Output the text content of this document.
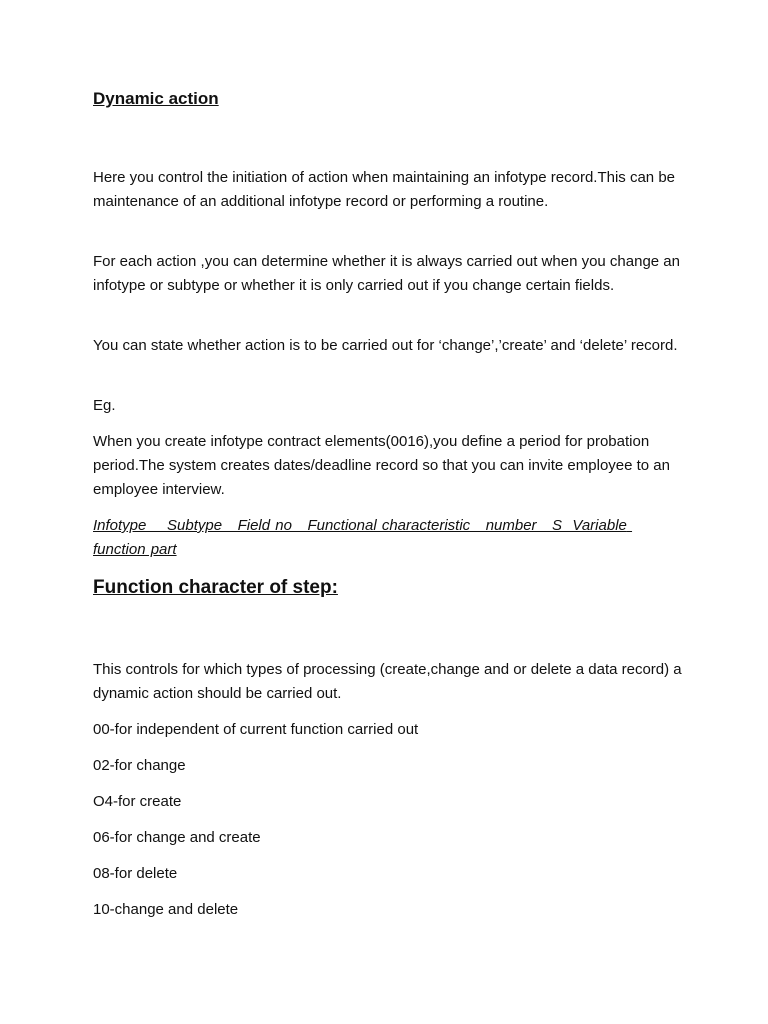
Dynamic action

Here you control the initiation of action when maintaining an infotype record.This can be maintenance of an additional infotype record or performing a routine.

For each action ,you can determine whether it is always carried out when you change an infotype or subtype or whether it is only carried out if you change certain fields.

You can state whether action is to be carried out for ‘change’,’create’ and ‘delete’ record.

Eg.

When you create infotype contract elements(0016),you define a period for probation period.The system creates dates/deadline record so that you can invite employee to an employee interview.

Infotype    Subtype   Field no   Functional characteristic   number   S  Variable function part

Function character of step:

This controls for which types of processing (create,change and or delete a data record) a dynamic action should be carried out.

00-for independent of current function carried out

02-for change

O4-for create

06-for change and create

08-for delete

10-change and delete
